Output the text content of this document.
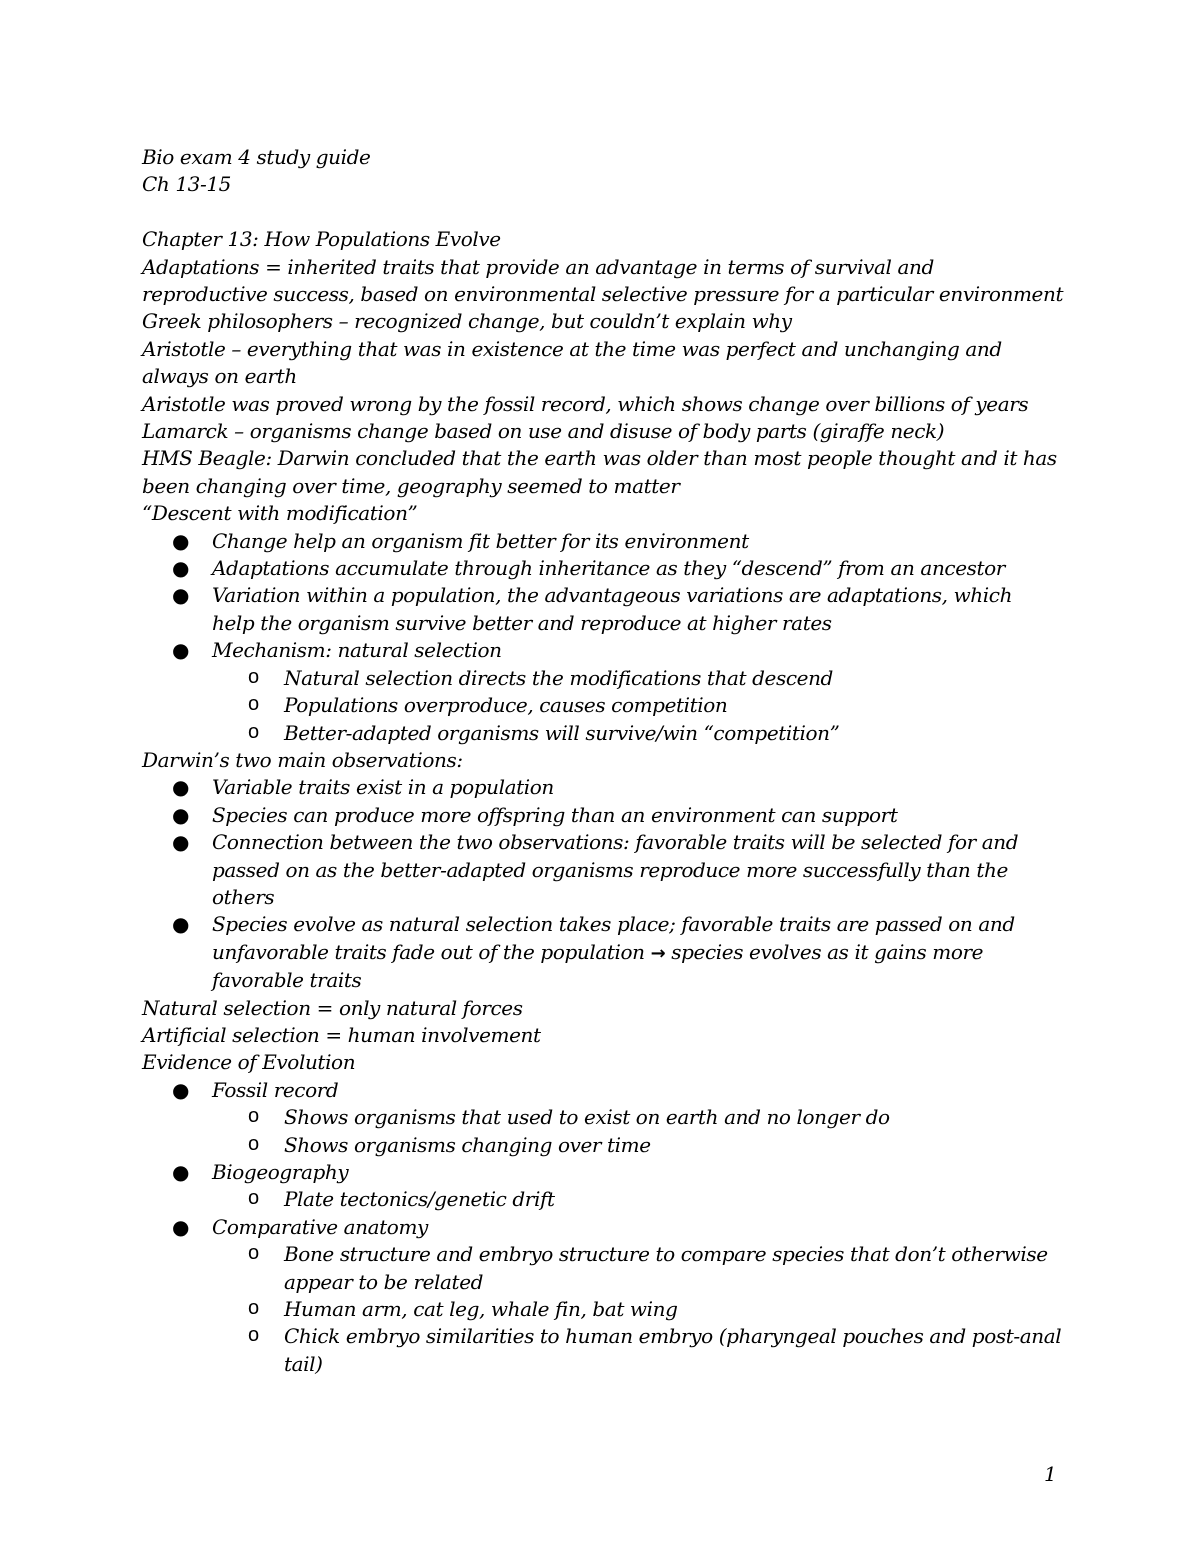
Bio exam 4 study guide
Ch 13-15
Chapter 13: How Populations Evolve
Adaptations = inherited traits that provide an advantage in terms of survival and
reproductive success, based on environmental selective pressure for a particular environment
Greek philosophers – recognized change, but couldn’t explain why
Aristotle – everything that was in existence at the time was perfect and unchanging and
always on earth
Aristotle was proved wrong by the fossil record, which shows change over billions of years
Lamarck – organisms change based on use and disuse of body parts (giraffe neck)
HMS Beagle: Darwin concluded that the earth was older than most people thought and it has
been changing over time, geography seemed to matter
“Descent with modification”
● Change help an organism fit better for its environment
● Adaptations accumulate through inheritance as they “descend” from an ancestor
● Variation within a population, the advantageous variations are adaptations, which
help the organism survive better and reproduce at higher rates
● Mechanism: natural selection
o Natural selection directs the modifications that descend
o Populations overproduce, causes competition
o Better-adapted organisms will survive/win “competition”
Darwin’s two main observations:
● Variable traits exist in a population
● Species can produce more offspring than an environment can support
● Connection between the two observations: favorable traits will be selected for and
passed on as the better-adapted organisms reproduce more successfully than the
others
● Species evolve as natural selection takes place; favorable traits are passed on and
unfavorable traits fade out of the population → species evolves as it gains more
favorable traits
Natural selection = only natural forces
Artificial selection = human involvement
Evidence of Evolution
● Fossil record
o Shows organisms that used to exist on earth and no longer do
o Shows organisms changing over time
● Biogeography
o Plate tectonics/genetic drift
● Comparative anatomy
o Bone structure and embryo structure to compare species that don’t otherwise
appear to be related
o Human arm, cat leg, whale fin, bat wing
o Chick embryo similarities to human embryo (pharyngeal pouches and post-anal
tail)
1
